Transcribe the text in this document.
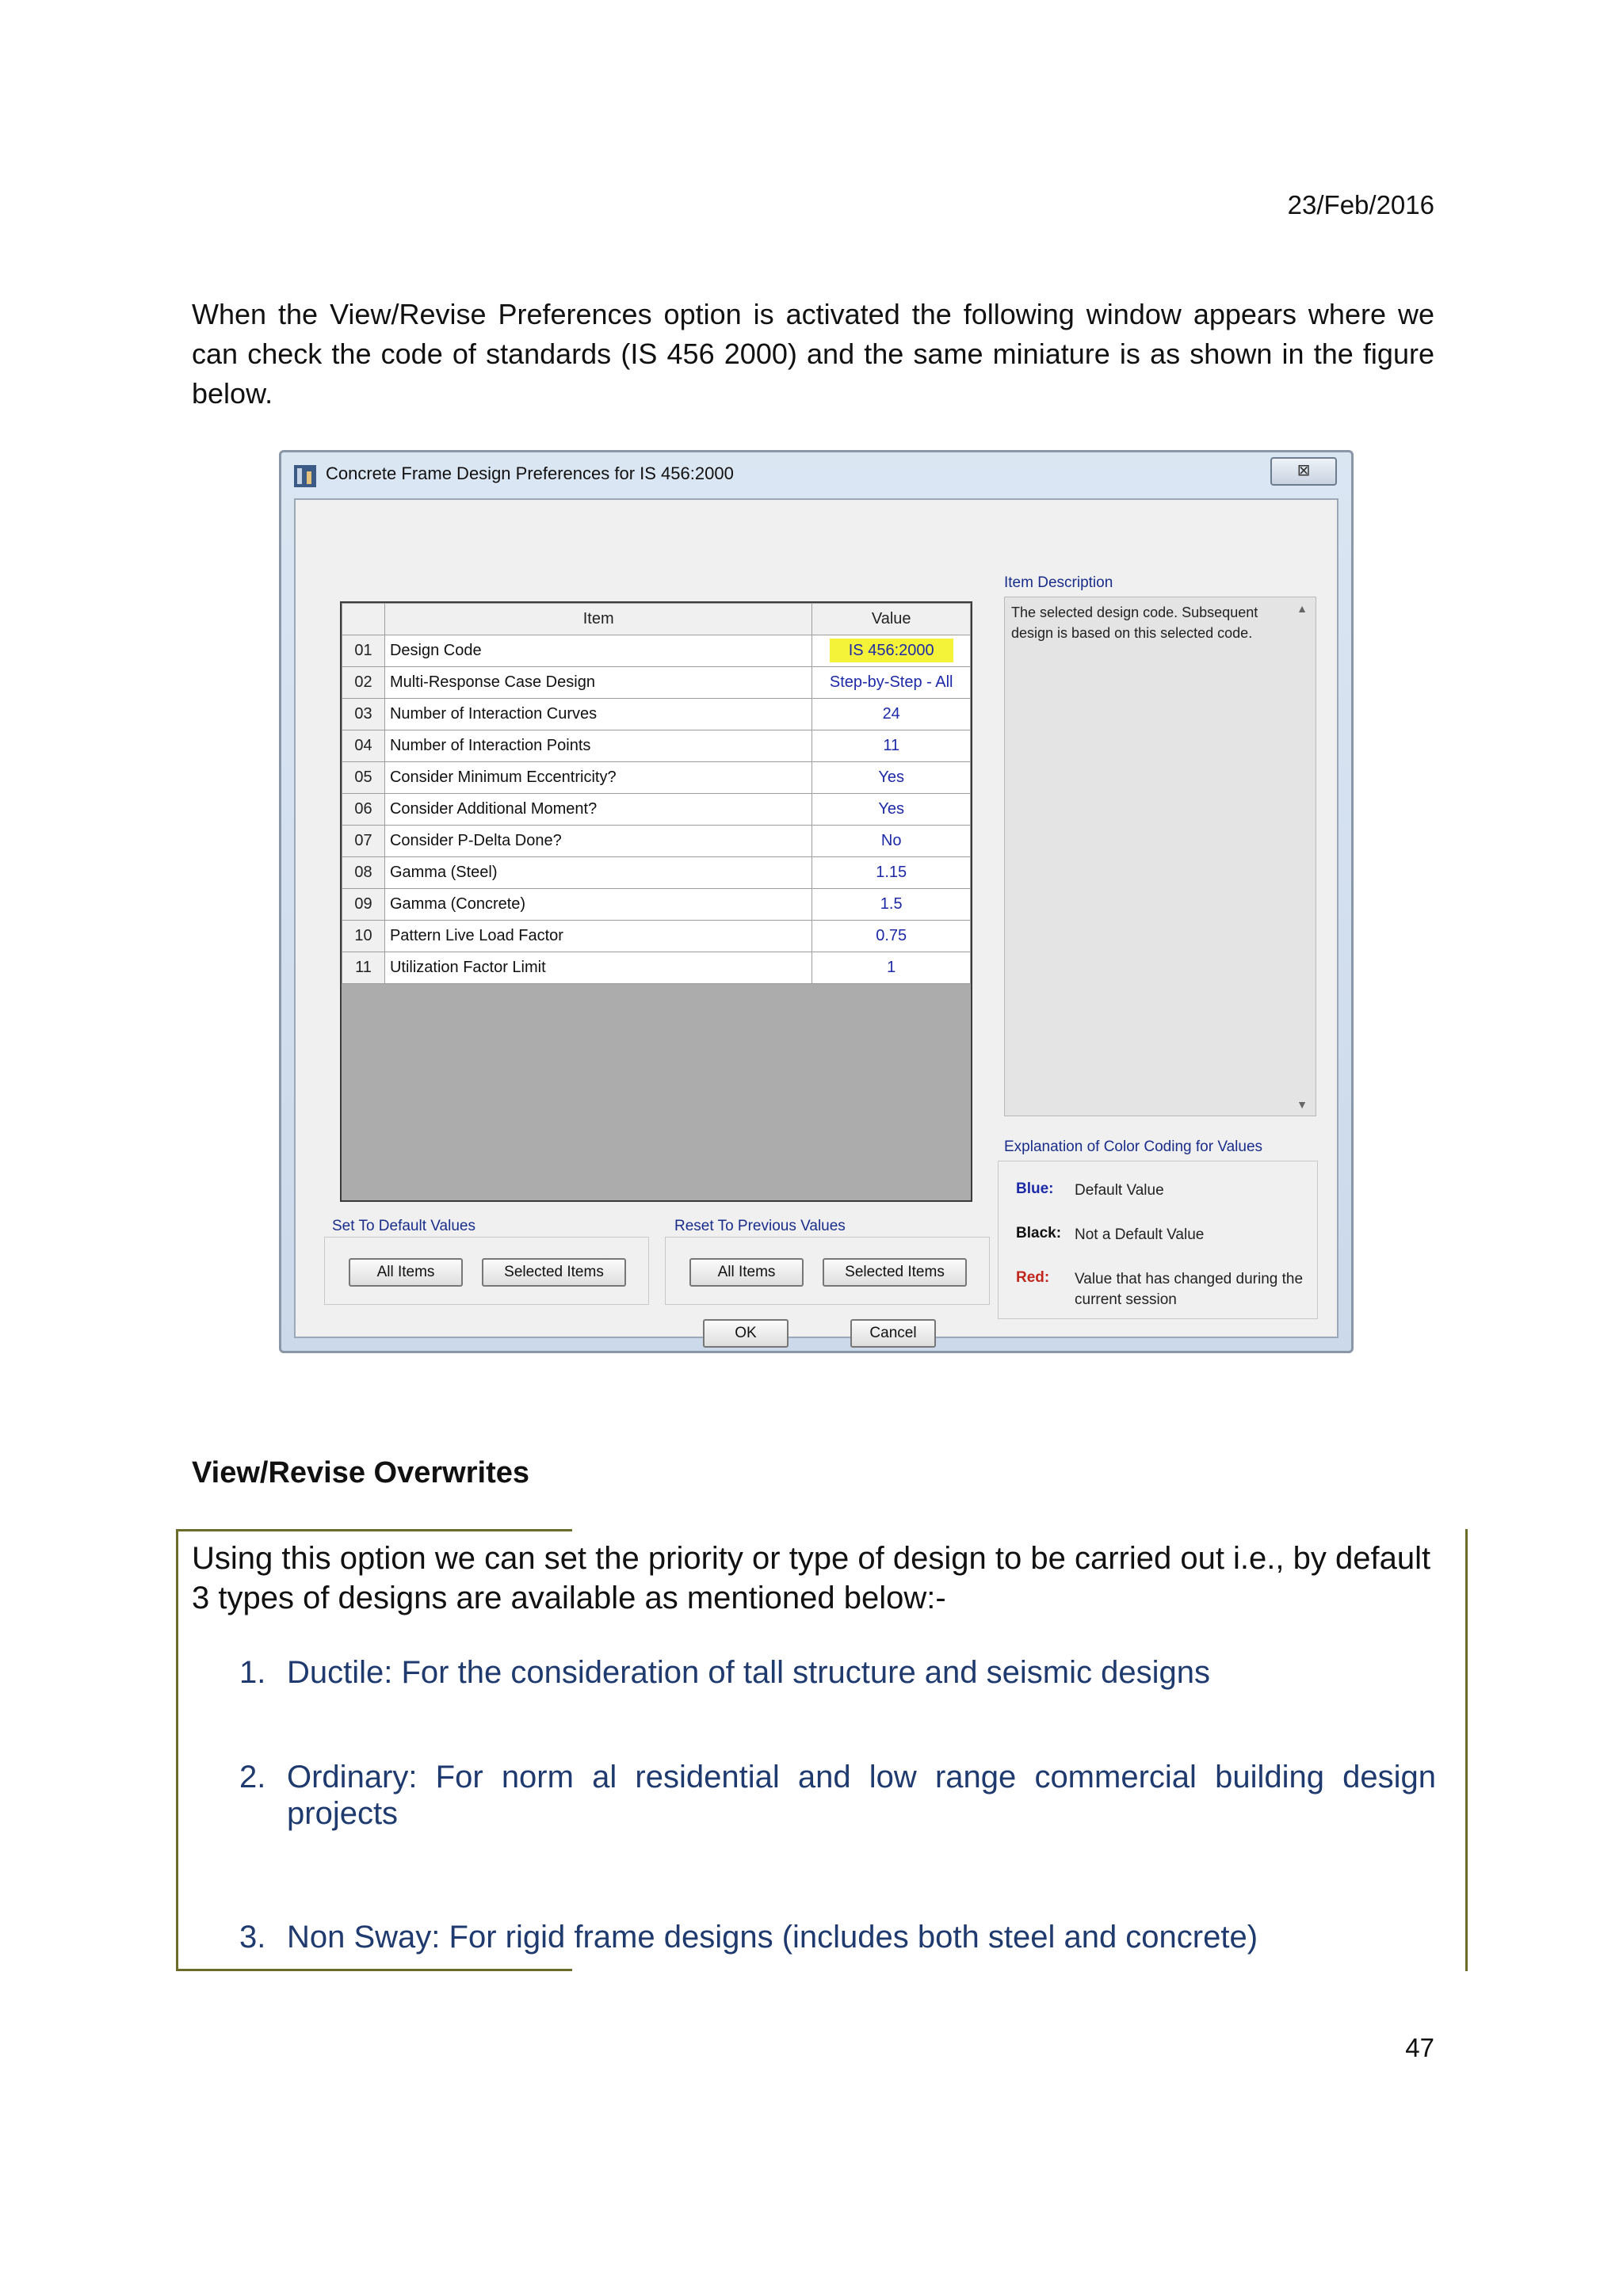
23/Feb/2016
When the View/Revise Preferences option is activated the following window appears where we can check the code of standards (IS 456 2000) and the same miniature is as shown in the figure below.
Concrete Frame Design Preferences for IS 456:2000	⊠
	Item	Value
01	Design Code	IS 456:2000
02	Multi-Response Case Design	Step-by-Step - All
03	Number of Interaction Curves	24
04	Number of Interaction Points	11
05	Consider Minimum Eccentricity?	Yes
06	Consider Additional Moment?	Yes
07	Consider P-Delta Done?	No
08	Gamma (Steel)	1.15
09	Gamma (Concrete)	1.5
10	Pattern Live Load Factor	0.75
11	Utilization Factor Limit	1
Item Description
The selected design code. Subsequent design is based on this selected code.
▲
▼
Explanation of Color Coding for Values
Blue: Default Value
Black: Not a Default Value
Red: Value that has changed during the current session
Set To Default Values
All Items	Selected Items
Reset To Previous Values
All Items	Selected Items
OK	Cancel
View/Revise Overwrites
Using this option we can set the priority or type of design to be carried out i.e., by default 3 types of designs are available as mentioned below:-
1. Ductile: For the consideration of tall structure and seismic designs
2. Ordinary: For norm al residential and low range commercial building design projects
3. Non Sway: For rigid frame designs (includes both steel and concrete)
47
